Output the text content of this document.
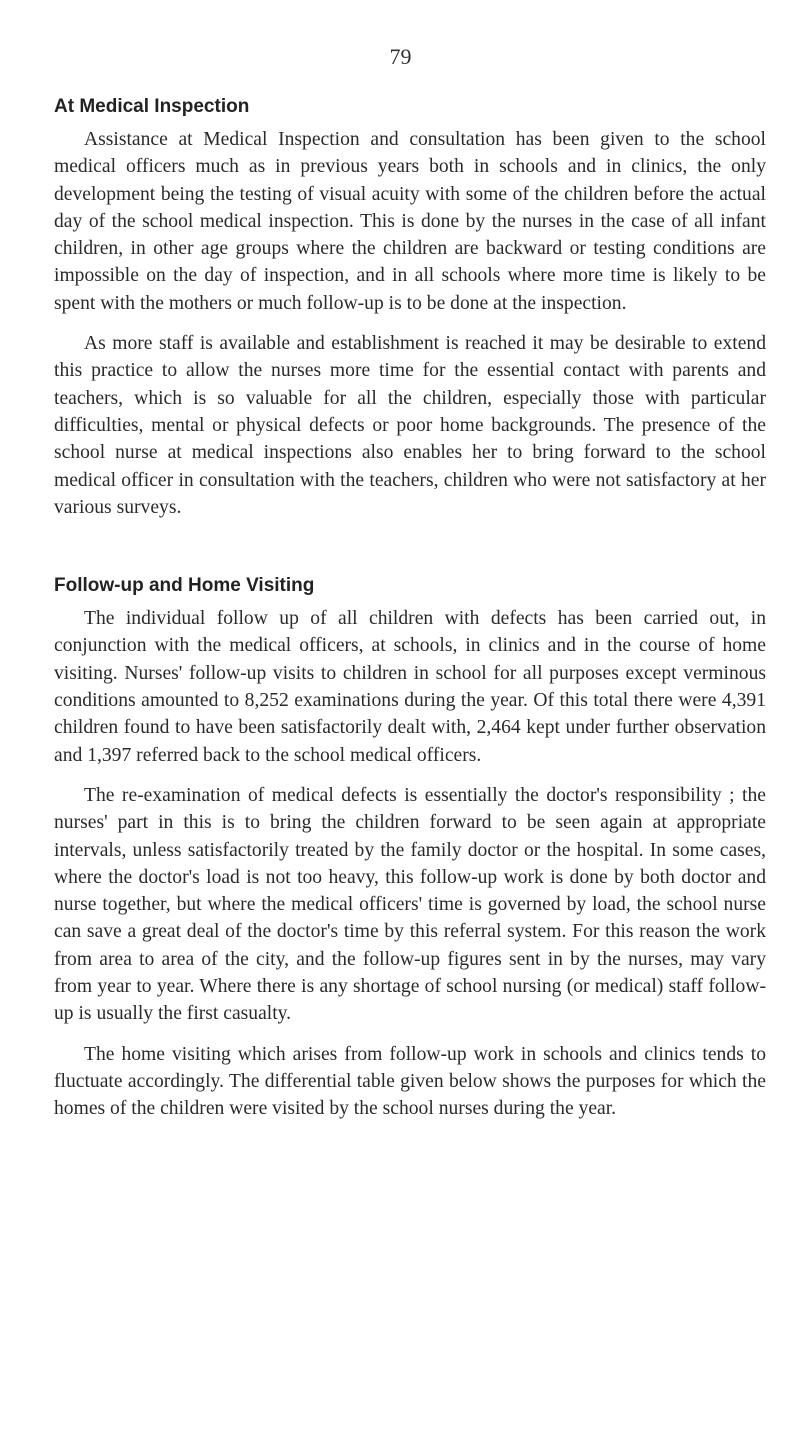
79
At Medical Inspection

Assistance at Medical Inspection and consultation has been given to the school medical officers much as in previous years both in schools and in clinics, the only development being the testing of visual acuity with some of the children before the actual day of the school medical inspection. This is done by the nurses in the case of all infant children, in other age groups where the children are backward or testing conditions are impossible on the day of inspection, and in all schools where more time is likely to be spent with the mothers or much follow-up is to be done at the inspection.

As more staff is available and establishment is reached it may be desirable to extend this practice to allow the nurses more time for the essential contact with parents and teachers, which is so valuable for all the children, especially those with particular difficulties, mental or physical defects or poor home backgrounds. The presence of the school nurse at medical inspections also enables her to bring forward to the school medical officer in consultation with the teachers, children who were not satisfactory at her various surveys.

Follow-up and Home Visiting

The individual follow up of all children with defects has been carried out, in conjunction with the medical officers, at schools, in clinics and in the course of home visiting. Nurses' follow-up visits to children in school for all purposes except verminous conditions amounted to 8,252 examinations during the year. Of this total there were 4,391 children found to have been satisfactorily dealt with, 2,464 kept under further observation and 1,397 referred back to the school medical officers.

The re-examination of medical defects is essentially the doctor's responsibility ; the nurses' part in this is to bring the children forward to be seen again at appropriate intervals, unless satisfactorily treated by the family doctor or the hospital. In some cases, where the doctor's load is not too heavy, this follow-up work is done by both doctor and nurse together, but where the medical officers' time is governed by load, the school nurse can save a great deal of the doctor's time by this referral system. For this reason the work from area to area of the city, and the follow-up figures sent in by the nurses, may vary from year to year. Where there is any shortage of school nursing (or medical) staff follow-up is usually the first casualty.

The home visiting which arises from follow-up work in schools and clinics tends to fluctuate accordingly. The differential table given below shows the purposes for which the homes of the children were visited by the school nurses during the year.
